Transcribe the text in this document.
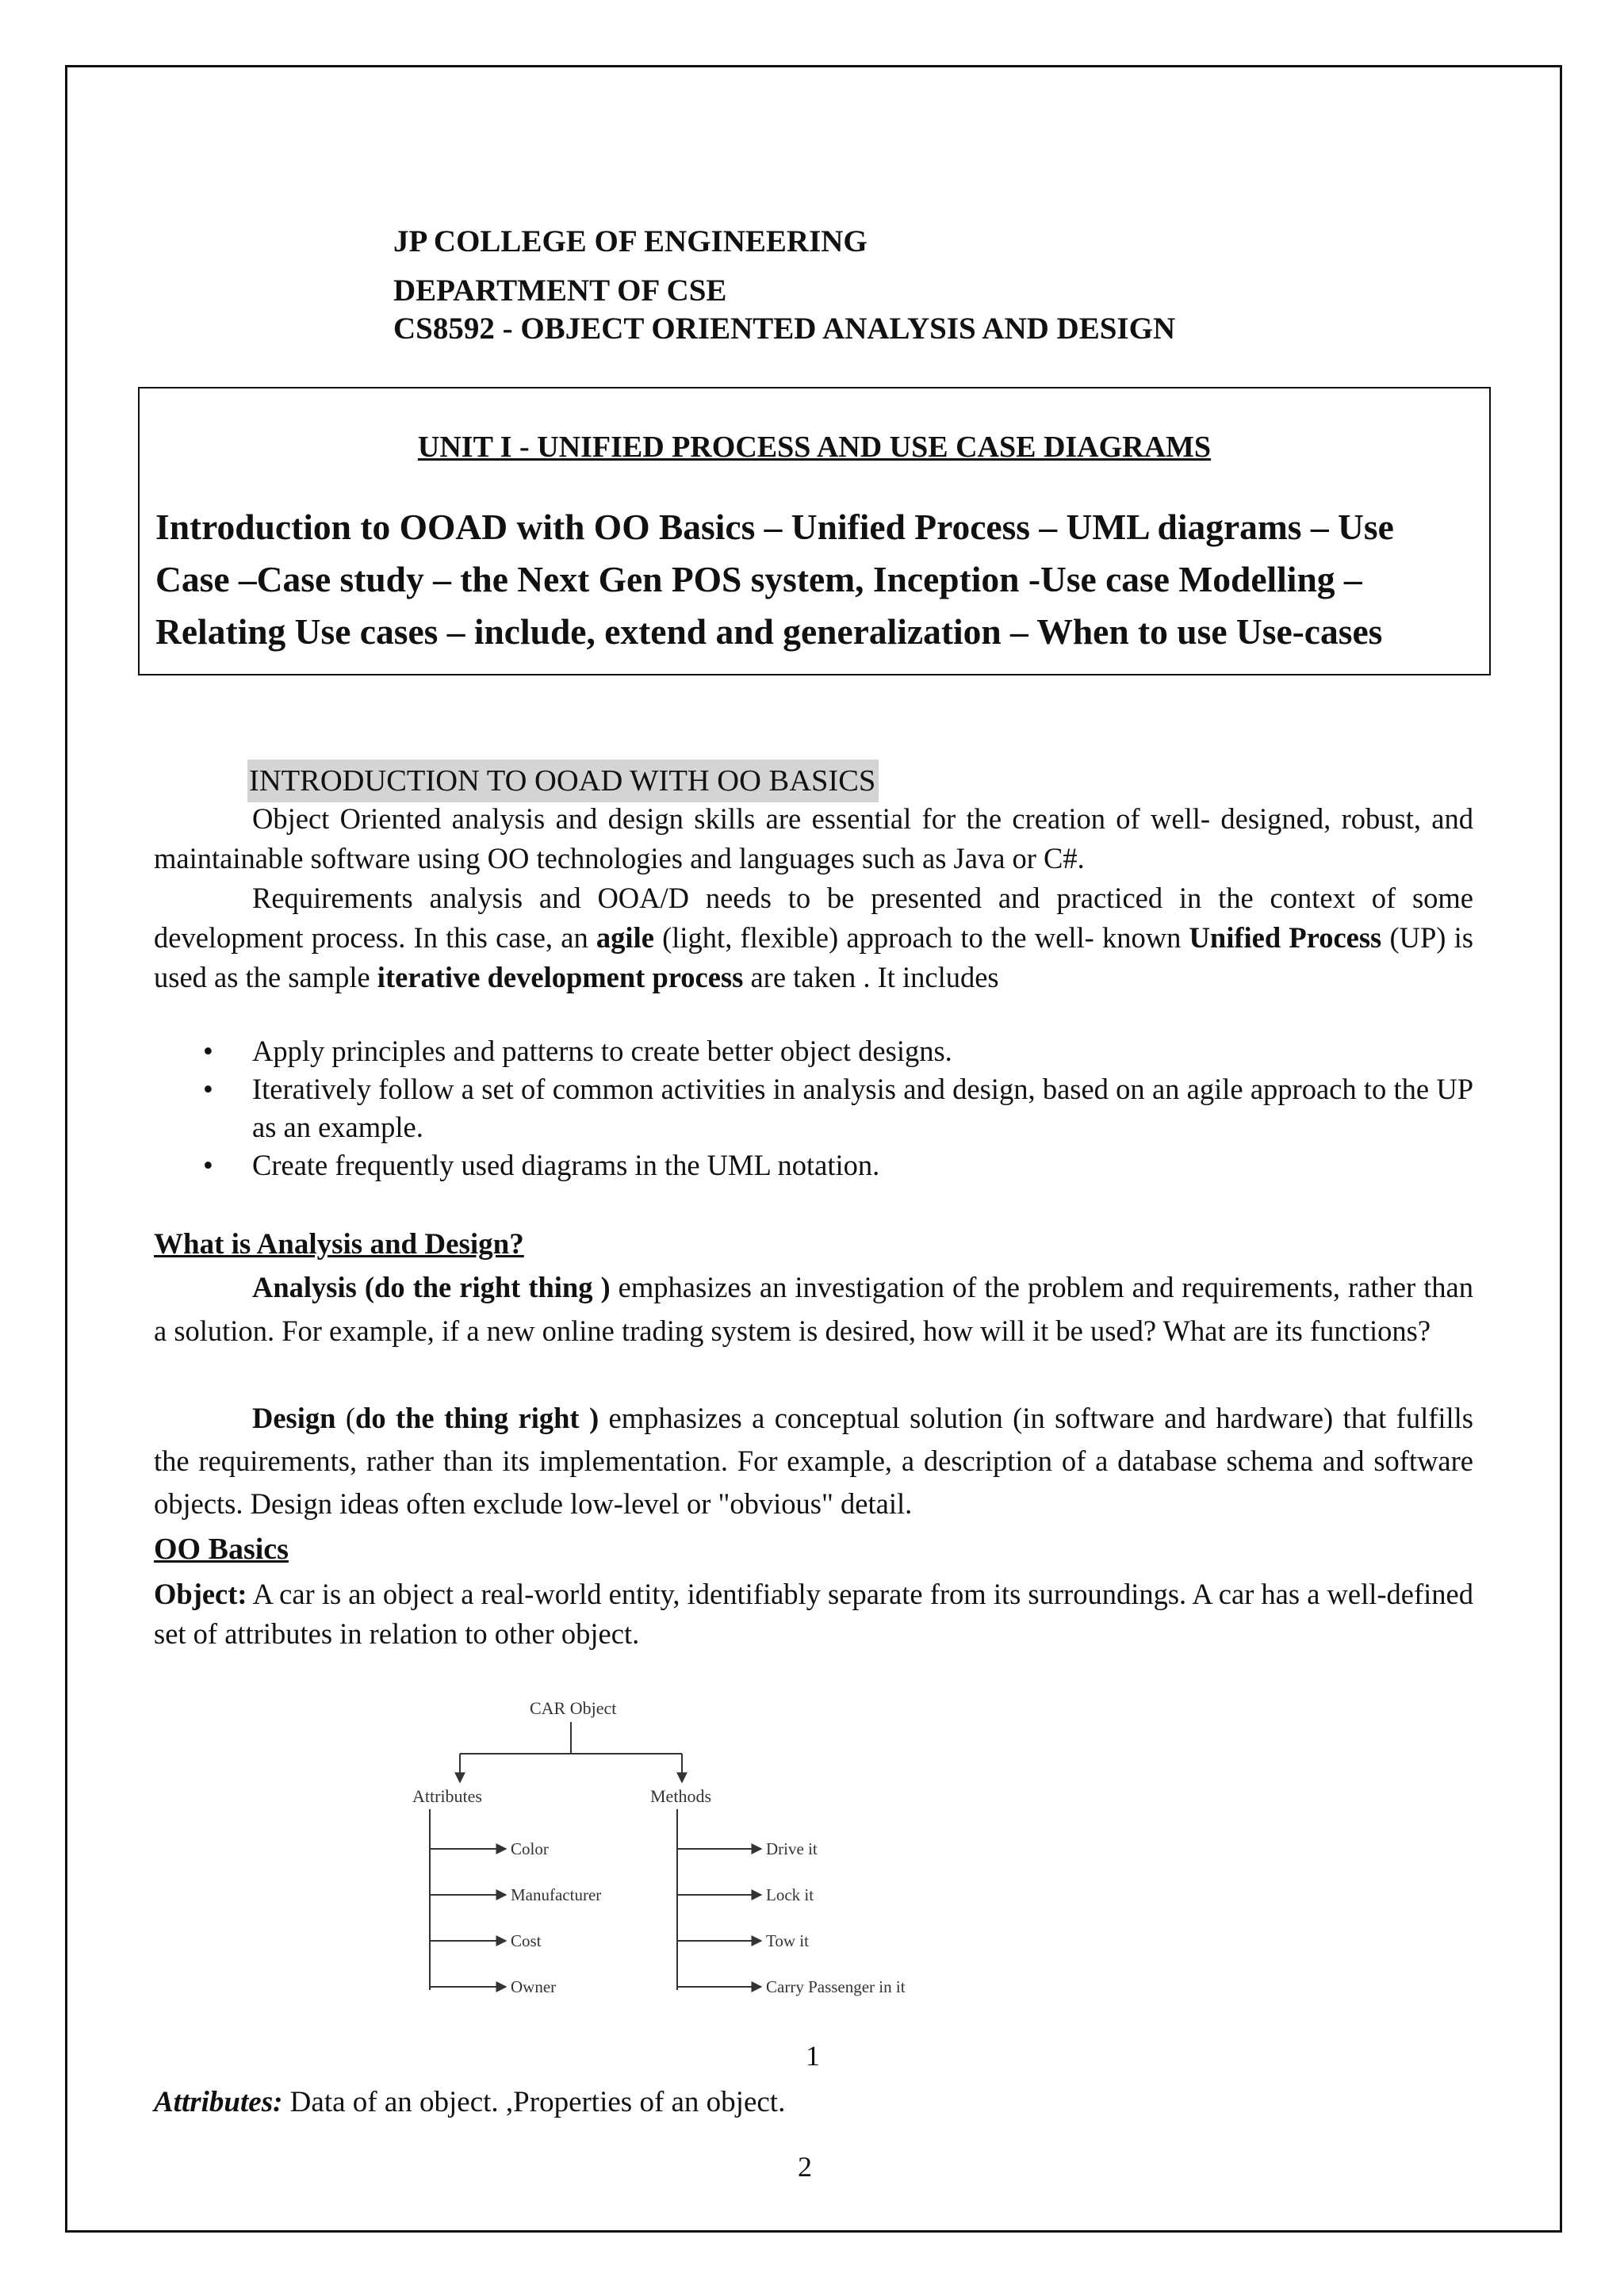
JP COLLEGE OF ENGINEERING
DEPARTMENT OF CSE
CS8592 - OBJECT ORIENTED ANALYSIS AND DESIGN
UNIT I - UNIFIED PROCESS AND USE CASE DIAGRAMS
Introduction to OOAD with OO Basics – Unified Process – UML diagrams – Use
Case –Case study – the Next Gen POS system, Inception -Use case Modelling –
Relating Use cases – include, extend and generalization – When to use Use-cases
INTRODUCTION TO OOAD WITH OO BASICS
Object Oriented analysis and design skills are essential for the creation of well- designed, robust, and maintainable software using OO technologies and languages such as Java or C#.
Requirements analysis and OOA/D needs to be presented and practiced in the context of some development process. In this case, an agile (light, flexible) approach to the well- known Unified Process (UP) is used as the sample iterative development process are taken . It includes
• Apply principles and patterns to create better object designs.
• Iteratively follow a set of common activities in analysis and design, based on an agile approach to the UP as an example.
• Create frequently used diagrams in the UML notation.
What is Analysis and Design?
Analysis (do the right thing ) emphasizes an investigation of the problem and requirements, rather than a solution. For example, if a new online trading system is desired, how will it be used? What are its functions?
Design (do the thing right ) emphasizes a conceptual solution (in software and hardware) that fulfills the requirements, rather than its implementation. For example, a description of a database schema and software objects. Design ideas often exclude low-level or "obvious" detail.
OO Basics
Object: A car is an object a real-world entity, identifiably separate from its surroundings. A car has a well-defined set of attributes in relation to other object.
CAR Object
Attributes	Methods
Color
Manufacturer
Cost
Owner
Drive it
Lock it
Tow it
Carry Passenger in it
1
Attributes: Data of an object. ,Properties of an object.
2
